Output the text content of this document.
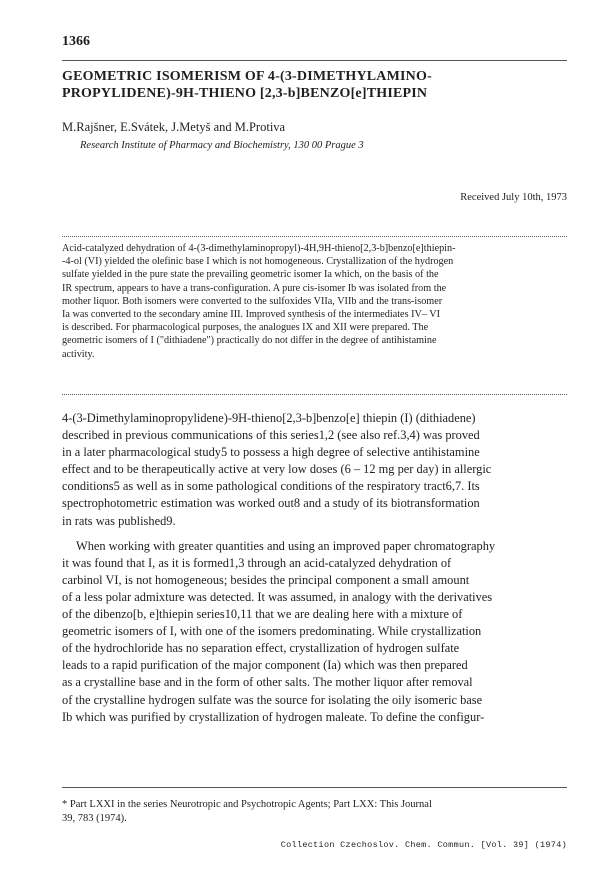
1366
GEOMETRIC ISOMERISM OF 4-(3-DIMETHYLAMINO-
PROPYLIDENE)-9H-THIENO [2,3-b]BENZO[e]THIEPIN
M.Rajšner, E.Svátek, J.Metyš and M.Protiva
Research Institute of Pharmacy and Biochemistry, 130 00 Prague 3
Received July 10th, 1973
Acid-catalyzed dehydration of 4-(3-dimethylaminopropyl)-4H,9H-thieno[2,3-b]benzo[e]thiepin-
-4-ol (VI) yielded the olefinic base I which is not homogeneous. Crystallization of the hydrogen
sulfate yielded in the pure state the prevailing geometric isomer Ia which, on the basis of the
IR spectrum, appears to have a trans-configuration. A pure cis-isomer Ib was isolated from the
mother liquor. Both isomers were converted to the sulfoxides VIIa, VIIb and the trans-isomer
Ia was converted to the secondary amine III. Improved synthesis of the intermediates IV– VI
is described. For pharmacological purposes, the analogues IX and XII were prepared. The
geometric isomers of I ("dithiadene") practically do not differ in the degree of antihistamine
activity.
4-(3-Dimethylaminopropylidene)-9H-thieno[2,3-b]benzo[e] thiepin (I) (dithiadene)
described in previous communications of this series1,2 (see also ref.3,4) was proved
in a later pharmacological study5 to possess a high degree of selective antihistamine
effect and to be therapeutically active at very low doses (6 – 12 mg per day) in allergic
conditions5 as well as in some pathological conditions of the respiratory tract6,7. Its
spectrophotometric estimation was worked out8 and a study of its biotransformation
in rats was published9.
When working with greater quantities and using an improved paper chromatography
it was found that I, as it is formed1,3 through an acid-catalyzed dehydration of
carbinol VI, is not homogeneous; besides the principal component a small amount
of a less polar admixture was detected. It was assumed, in analogy with the derivatives
of the dibenzo[b, e]thiepin series10,11 that we are dealing here with a mixture of
geometric isomers of I, with one of the isomers predominating. While crystallization
of the hydrochloride has no separation effect, crystallization of hydrogen sulfate
leads to a rapid purification of the major component (Ia) which was then prepared
as a crystalline base and in the form of other salts. The mother liquor after removal
of the crystalline hydrogen sulfate was the source for isolating the oily isomeric base
Ib which was purified by crystallization of hydrogen maleate. To define the configur-
* Part LXXI in the series Neurotropic and Psychotropic Agents; Part LXX: This Journal
39, 783 (1974).
Collection Czechoslov. Chem. Commun. [Vol. 39] (1974)
